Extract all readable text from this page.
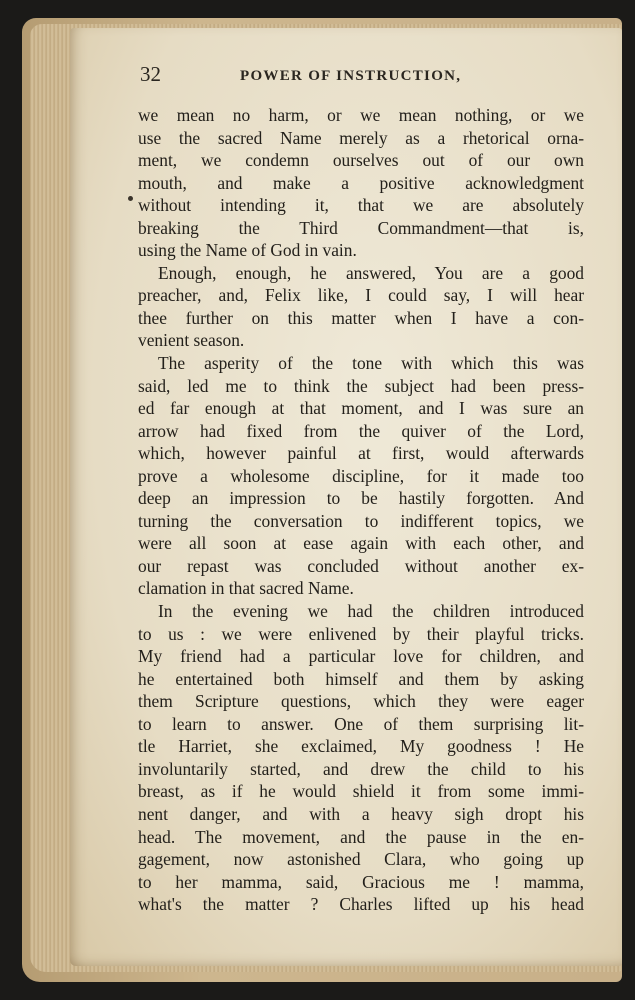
32	POWER OF INSTRUCTION,
we mean no harm, or we mean nothing, or we
use the sacred Name merely as a rhetorical orna-
ment, we condemn ourselves out of our own
mouth, and make a positive acknowledgment
without intending it, that we are absolutely
breaking the Third Commandment—that is,
using the Name of God in vain.
Enough, enough, he answered, You are a good
preacher, and, Felix like, I could say, I will hear
thee further on this matter when I have a con-
venient season.
The asperity of the tone with which this was
said, led me to think the subject had been press-
ed far enough at that moment, and I was sure an
arrow had fixed from the quiver of the Lord,
which, however painful at first, would afterwards
prove a wholesome discipline, for it made too
deep an impression to be hastily forgotten. And
turning the conversation to indifferent topics, we
were all soon at ease again with each other, and
our repast was concluded without another ex-
clamation in that sacred Name.
In the evening we had the children introduced
to us : we were enlivened by their playful tricks.
My friend had a particular love for children, and
he entertained both himself and them by asking
them Scripture questions, which they were eager
to learn to answer. One of them surprising lit-
tle Harriet, she exclaimed, My goodness ! He
involuntarily started, and drew the child to his
breast, as if he would shield it from some immi-
nent danger, and with a heavy sigh dropt his
head. The movement, and the pause in the en-
gagement, now astonished Clara, who going up
to her mamma, said, Gracious me ! mamma,
what's the matter ? Charles lifted up his head
